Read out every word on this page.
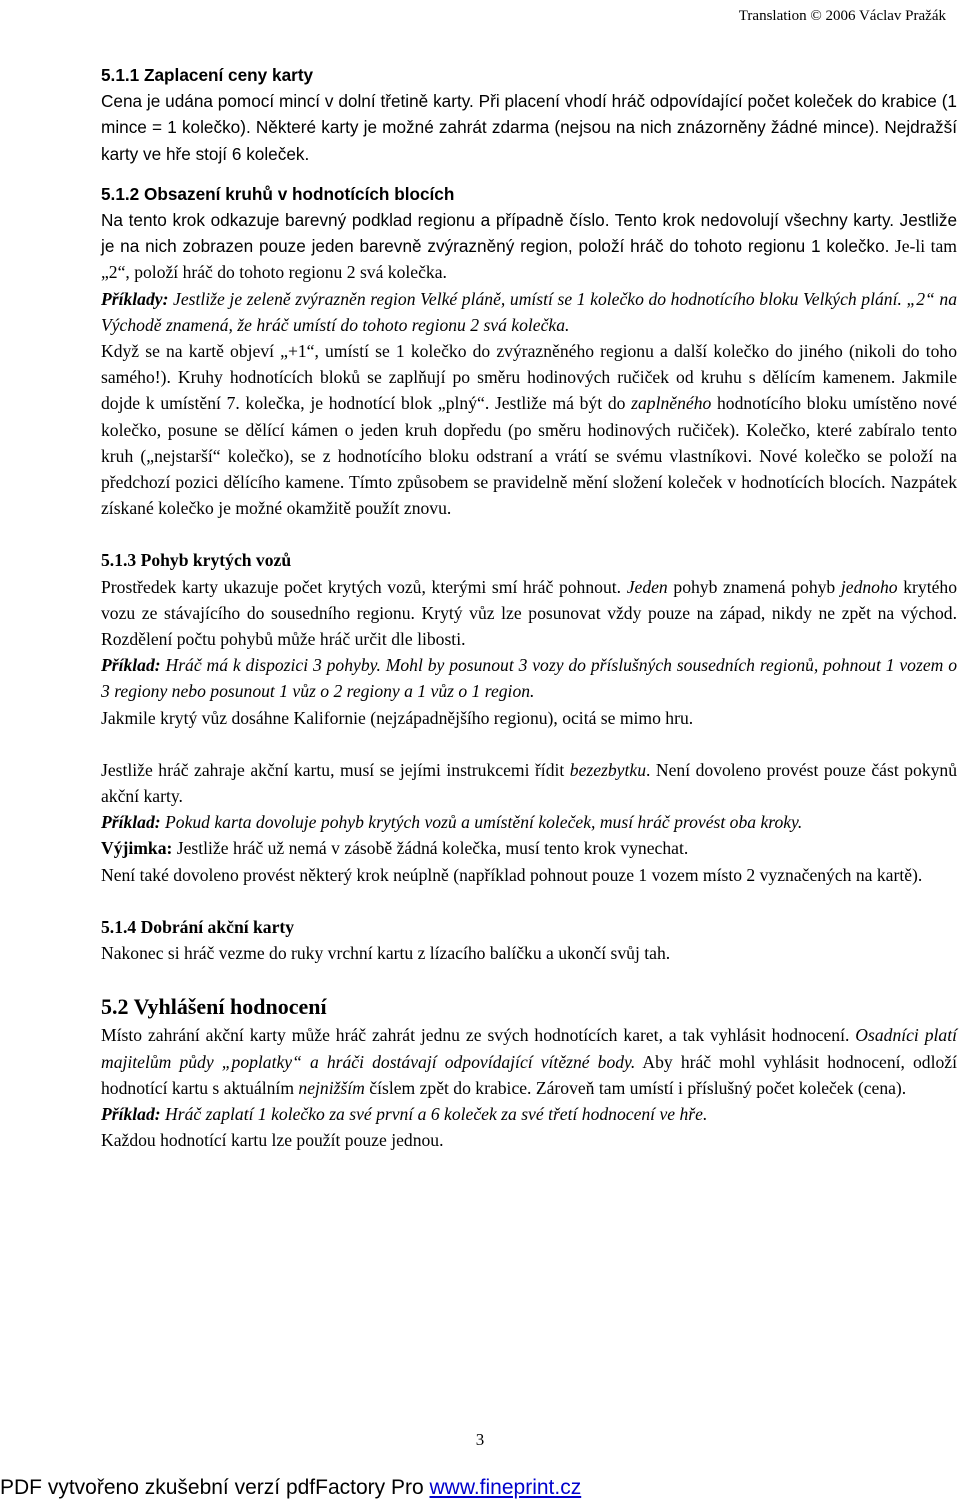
Translation © 2006 Václav Pražák

5.1.1 Zaplacení ceny karty

Cena je udána pomocí mincí v dolní třetině karty. Při placení vhodí hráč odpovídající počet koleček do krabice (1 mince = 1 kolečko). Některé karty je možné zahrát zdarma (nejsou na nich znázorněny žádné mince). Nejdražší karty ve hře stojí 6 koleček.

5.1.2 Obsazení kruhů v hodnotících blocích

Na tento krok odkazuje barevný podklad regionu a případně číslo. Tento krok nedovolují všechny karty. Jestliže je na nich zobrazen pouze jeden barevně zvýrazněný region, položí hráč do tohoto regionu 1 kolečko. Je-li tam „2“, položí hráč do tohoto regionu 2 svá kolečka.

Příklady: Jestliže je zeleně zvýrazněn region Velké pláně, umístí se 1 kolečko do hodnotícího bloku Velkých plání. „2“ na Východě znamená, že hráč umístí do tohoto regionu 2 svá kolečka.

Když se na kartě objeví „+1“, umístí se 1 kolečko do zvýrazněného regionu a další kolečko do jiného (nikoli do toho samého!). Kruhy hodnotících bloků se zaplňují po směru hodinových ručiček od kruhu s dělícím kamenem. Jakmile dojde k umístění 7. kolečka, je hodnotící blok „plný“. Jestliže má být do zaplněného hodnotícího bloku umístěno nové kolečko, posune se dělící kámen o jeden kruh dopředu (po směru hodinových ručiček). Kolečko, které zabíralo tento kruh („nejstarší“ kolečko), se z hodnotícího bloku odstraní a vrátí se svému vlastníkovi. Nové kolečko se položí na předchozí pozici dělícího kamene. Tímto způsobem se pravidelně mění složení koleček v hodnotících blocích. Nazpátek získané kolečko je možné okamžitě použít znovu.

5.1.3 Pohyb krytých vozů

Prostředek karty ukazuje počet krytých vozů, kterými smí hráč pohnout. Jeden pohyb znamená pohyb jednoho krytého vozu ze stávajícího do sousedního regionu. Krytý vůz lze posunovat vždy pouze na západ, nikdy ne zpět na východ. Rozdělení počtu pohybů může hráč určit dle libosti.

Příklad: Hráč má k dispozici 3 pohyby. Mohl by posunout 3 vozy do příslušných sousedních regionů, pohnout 1 vozem o 3 regiony nebo posunout 1 vůz o 2 regiony a 1 vůz o 1 region.

Jakmile krytý vůz dosáhne Kalifornie (nejzápadnějšího regionu), ocitá se mimo hru.

Jestliže hráč zahraje akční kartu, musí se jejími instrukcemi řídit bezezbytku. Není dovoleno provést pouze část pokynů akční karty.

Příklad: Pokud karta dovoluje pohyb krytých vozů a umístění koleček, musí hráč provést oba kroky.

Výjimka: Jestliže hráč už nemá v zásobě žádná kolečka, musí tento krok vynechat.

Není také dovoleno provést některý krok neúplně (například pohnout pouze 1 vozem místo 2 vyznačených na kartě).

5.1.4 Dobrání akční karty

Nakonec si hráč vezme do ruky vrchní kartu z lízacího balíčku a ukončí svůj tah.

5.2 Vyhlášení hodnocení

Místo zahrání akční karty může hráč zahrát jednu ze svých hodnotících karet, a tak vyhlásit hodnocení. Osadníci platí majitelům půdy „poplatky“ a hráči dostávají odpovídající vítězné body. Aby hráč mohl vyhlásit hodnocení, odloží hodnotící kartu s aktuálním nejnižším číslem zpět do krabice. Zároveň tam umístí i příslušný počet koleček (cena).

Příklad: Hráč zaplatí 1 kolečko za své první a 6 koleček za své třetí hodnocení ve hře.

Každou hodnotící kartu lze použít pouze jednou.

3
PDF vytvořeno zkušební verzí pdfFactory Pro www.fineprint.cz
